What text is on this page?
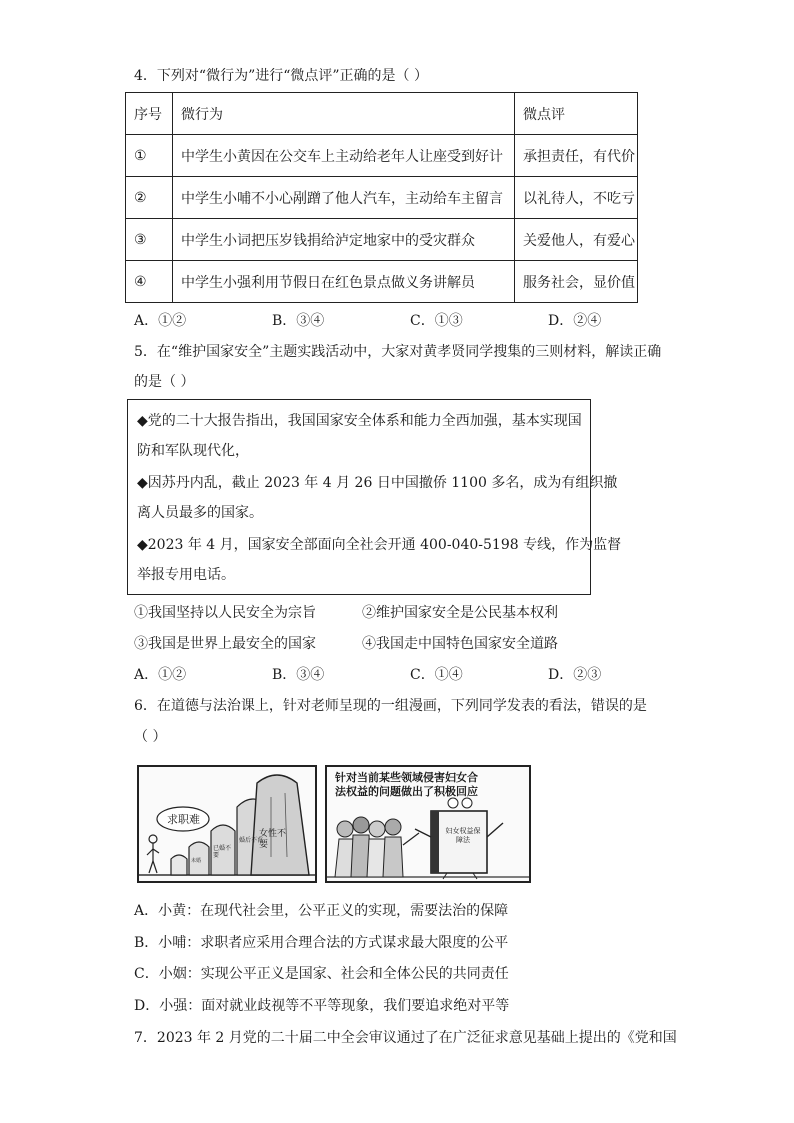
4．下列对“微行为”进行“微点评”正确的是（ ）
序号	微行为	微点评
①	中学生小黄因在公交车上主动给老年人让座受到好计	承担责任，有代价
②	中学生小哺不小心剐蹭了他人汽车，主动给车主留言	以礼待人，不吃亏
③	中学生小词把压岁钱捐给泸定地家中的受灾群众	关爱他人，有爱心
④	中学生小强利用节假日在红色景点做义务讲解员	服务社会，显价值
A．①②	B．③④	C．①③	D．②④
5．在“维护国家安全”主题实践活动中，大家对黄孝贤同学搜集的三则材料，解读正确
的是（ ）
◆党的二十大报告指出，我国国家安全体系和能力全西加强，基本实现国
防和军队现代化，
◆因苏丹内乱，截止 2023 年 4 月 26 日中国撤侨 1100 多名，成为有组织撤
离人员最多的国家。
◆2023 年 4 月，国家安全部面向全社会开通 400-040-5198 专线，作为监督
举报专用电话。
①我国坚持以人民安全为宗旨	②维护国家安全是公民基本权利
③我国是世界上最安全的国家	④我国走中国特色国家安全道路
A．①②	B．③④	C．①④	D．②③
6．在道德与法治课上，针对老师呈现的一组漫画，下列同学发表的看法，错误的是
（ ）
求职难
女性不要
婚后不育
已婚不要
未婚
针对当前某些领域侵害妇女合
法权益的问题做出了积极回应
妇女权益保障法
A．小黄：在现代社会里，公平正义的实现，需要法治的保障
B．小哺：求职者应采用合理合法的方式谋求最大限度的公平
C．小姻：实现公平正义是国家、社会和全体公民的共同责任
D．小强：面对就业歧视等不平等现象，我们要追求绝对平等
7．2023 年 2 月党的二十届二中全会审议通过了在广泛征求意见基础上提出的《党和国
